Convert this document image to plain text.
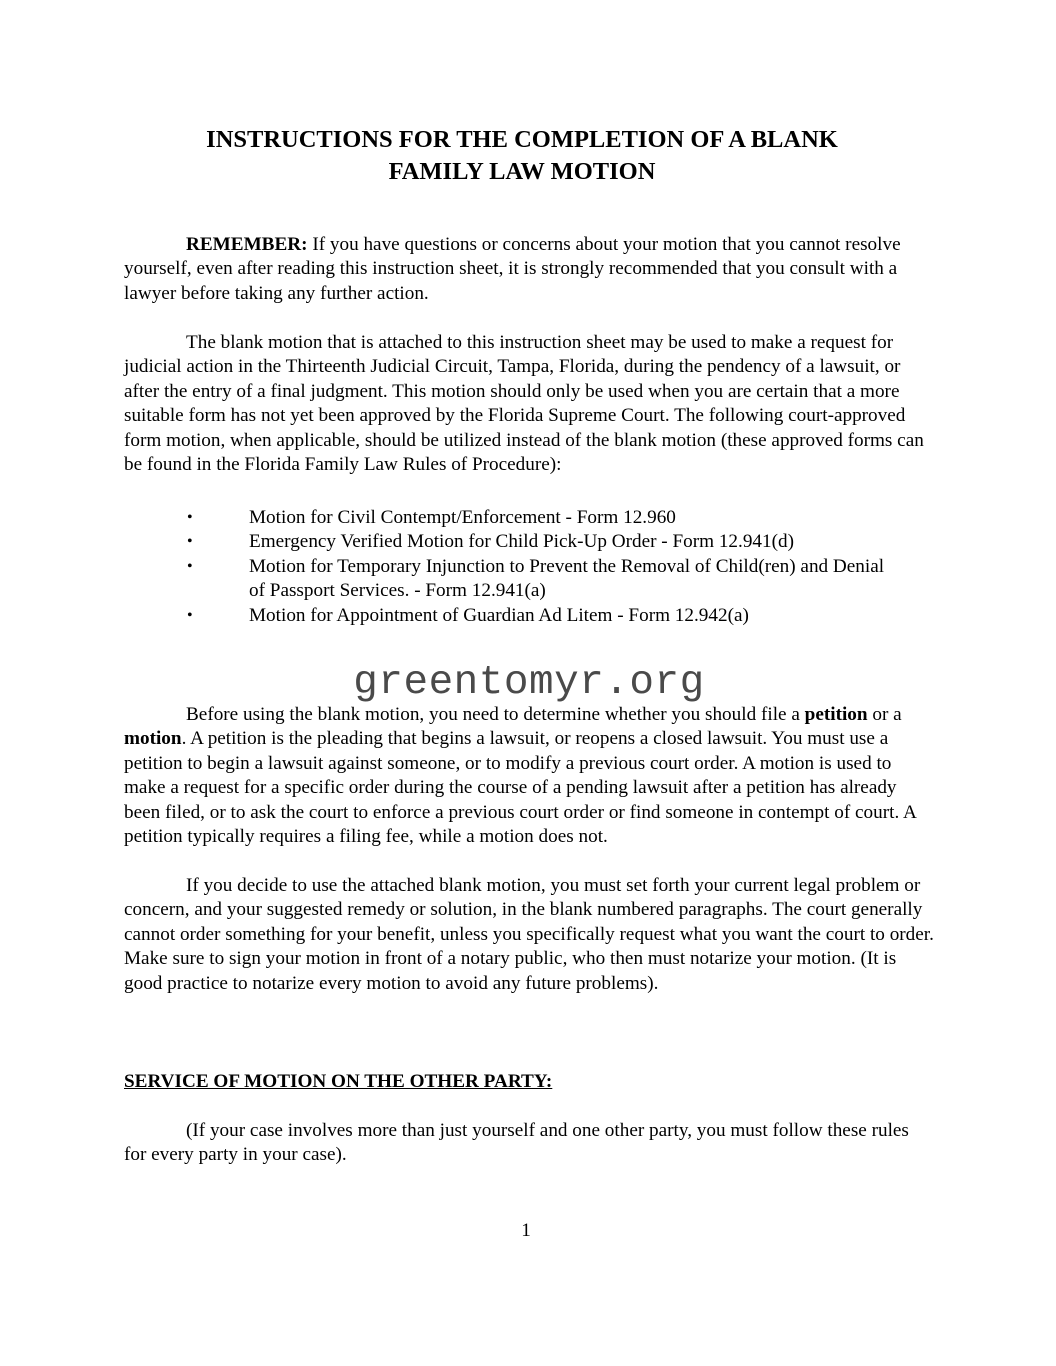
INSTRUCTIONS FOR THE COMPLETION OF A BLANK
FAMILY LAW MOTION

REMEMBER: If you have questions or concerns about your motion that you cannot resolve yourself, even after reading this instruction sheet, it is strongly recommended that you consult with a lawyer before taking any further action.

The blank motion that is attached to this instruction sheet may be used to make a request for judicial action in the Thirteenth Judicial Circuit, Tampa, Florida, during the pendency of a lawsuit, or after the entry of a final judgment. This motion should only be used when you are certain that a more suitable form has not yet been approved by the Florida Supreme Court. The following court-approved form motion, when applicable, should be utilized instead of the blank motion (these approved forms can be found in the Florida Family Law Rules of Procedure):

•	Motion for Civil Contempt/Enforcement - Form 12.960
•	Emergency Verified Motion for Child Pick-Up Order - Form 12.941(d)
•	Motion for Temporary Injunction to Prevent the Removal of Child(ren) and Denial of Passport Services. - Form 12.941(a)
•	Motion for Appointment of Guardian Ad Litem - Form 12.942(a)
greentomyr.org

Before using the blank motion, you need to determine whether you should file a petition or a motion. A petition is the pleading that begins a lawsuit, or reopens a closed lawsuit. You must use a petition to begin a lawsuit against someone, or to modify a previous court order. A motion is used to make a request for a specific order during the course of a pending lawsuit after a petition has already been filed, or to ask the court to enforce a previous court order or find someone in contempt of court. A petition typically requires a filing fee, while a motion does not.

If you decide to use the attached blank motion, you must set forth your current legal problem or concern, and your suggested remedy or solution, in the blank numbered paragraphs. The court generally cannot order something for your benefit, unless you specifically request what you want the court to order. Make sure to sign your motion in front of a notary public, who then must notarize your motion. (It is good practice to notarize every motion to avoid any future problems).

SERVICE OF MOTION ON THE OTHER PARTY:

(If your case involves more than just yourself and one other party, you must follow these rules for every party in your case).

1
